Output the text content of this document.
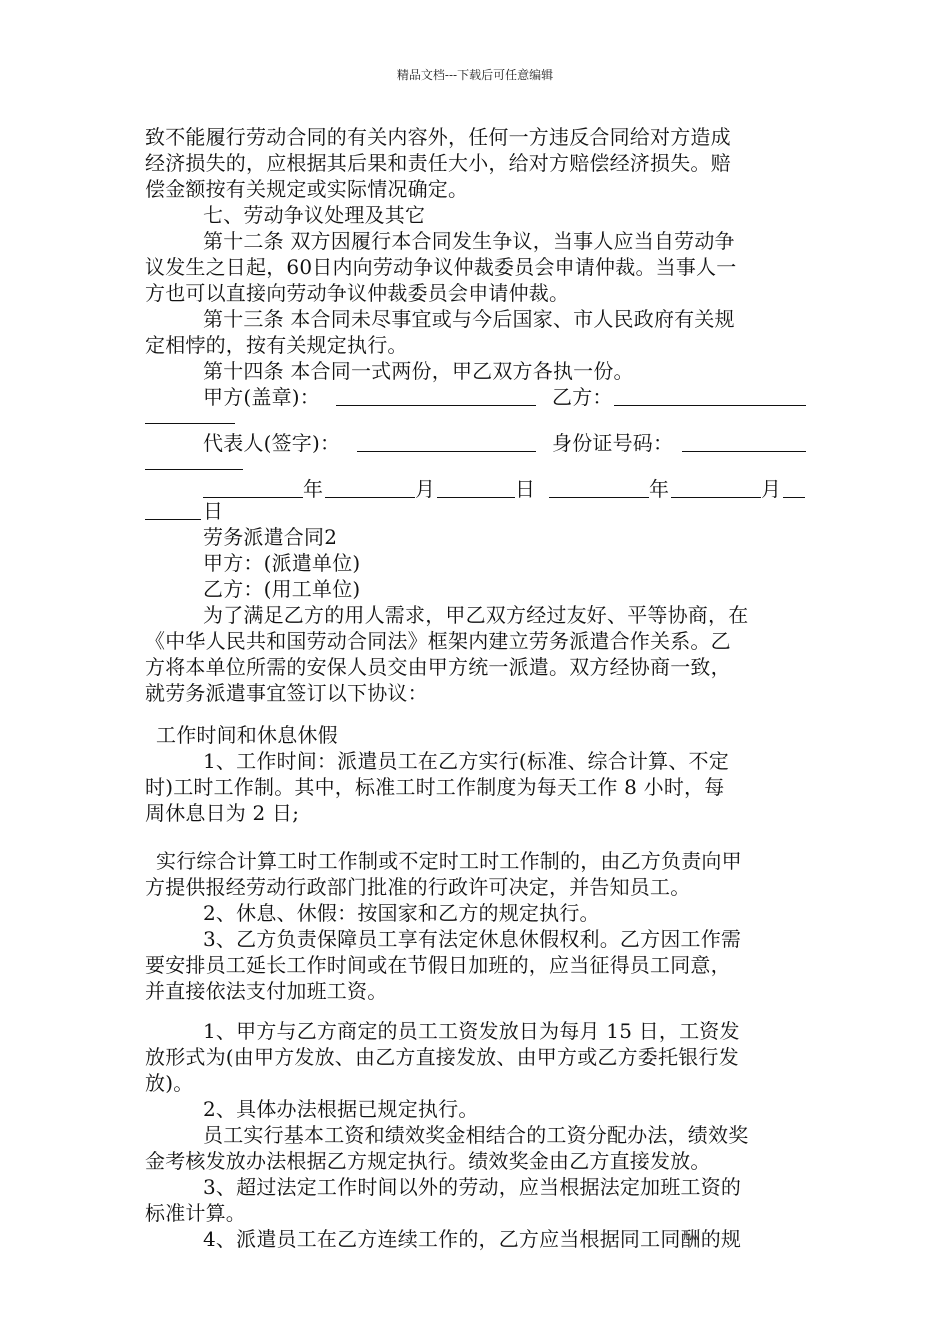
精品文档---下载后可任意编辑
致不能履行劳动合同的有关内容外，任何一方违反合同给对方造成
经济损失的，应根据其后果和责任大小，给对方赔偿经济损失。赔
偿金额按有关规定或实际情况确定。
七、劳动争议处理及其它
第十二条 双方因履行本合同发生争议，当事人应当自劳动争
议发生之日起，60日内向劳动争议仲裁委员会申请仲裁。当事人一
方也可以直接向劳动争议仲裁委员会申请仲裁。
第十三条 本合同未尽事宜或与今后国家、市人民政府有关规
定相悖的，按有关规定执行。
第十四条 本合同一式两份，甲乙双方各执一份。
甲方(盖章)：	乙方：
代表人(签字)：	身份证号码：
年	月	日	年	月
日
劳务派遣合同2
甲方：(派遣单位)
乙方：(用工单位)
为了满足乙方的用人需求，甲乙双方经过友好、平等协商，在
《中华人民共和国劳动合同法》框架内建立劳务派遣合作关系。乙
方将本单位所需的安保人员交由甲方统一派遣。双方经协商一致，
就劳务派遣事宜签订以下协议：
工作时间和休息休假
1、工作时间：派遣员工在乙方实行(标准、综合计算、不定
时)工时工作制。其中，标准工时工作制度为每天工作 8 小时，每
周休息日为 2 日;
实行综合计算工时工作制或不定时工时工作制的，由乙方负责向甲
方提供报经劳动行政部门批准的行政许可决定，并告知员工。
2、休息、休假：按国家和乙方的规定执行。
3、乙方负责保障员工享有法定休息休假权利。乙方因工作需
要安排员工延长工作时间或在节假日加班的，应当征得员工同意，
并直接依法支付加班工资。
1、甲方与乙方商定的员工工资发放日为每月 15 日，工资发
放形式为(由甲方发放、由乙方直接发放、由甲方或乙方委托银行发
放)。
2、具体办法根据已规定执行。
员工实行基本工资和绩效奖金相结合的工资分配办法，绩效奖
金考核发放办法根据乙方规定执行。绩效奖金由乙方直接发放。
3、超过法定工作时间以外的劳动，应当根据法定加班工资的
标准计算。
4、派遣员工在乙方连续工作的，乙方应当根据同工同酬的规
